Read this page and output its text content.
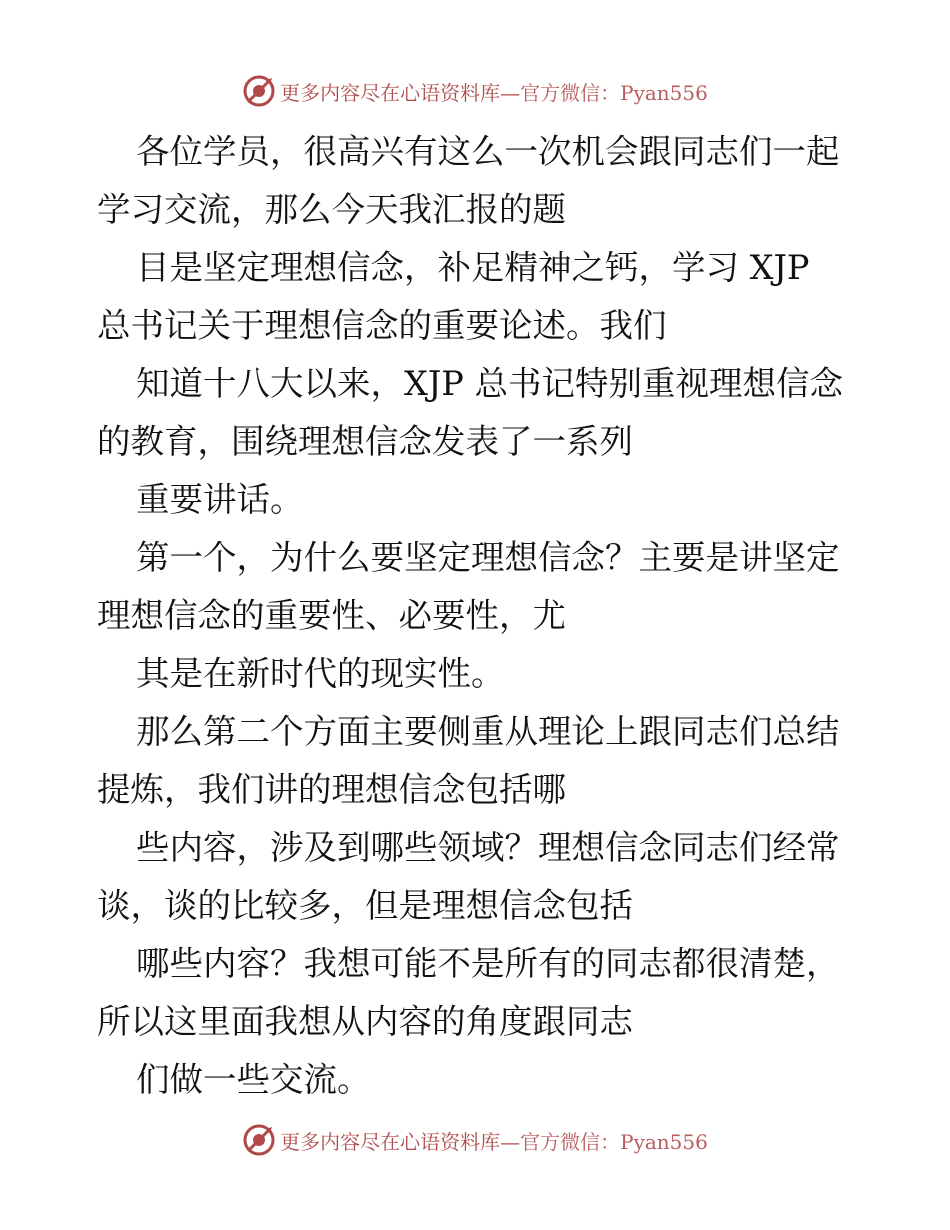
更多内容尽在心语资料库— 官方微信：Pyan556

各位学员，很高兴有这么一次机会跟同志们一起
学习交流，那么今天我汇报的题

目是坚定理想信念，补足精神之钙，学习 XJP
总书记关于理想信念的重要论述。我们

知道十八大以来，XJP 总书记特别重视理想信念
的教育，围绕理想信念发表了一系列

重要讲话。

第一个，为什么要坚定理想信念？主要是讲坚定
理想信念的重要性、必要性，尤

其是在新时代的现实性。

那么第二个方面主要侧重从理论上跟同志们总结
提炼，我们讲的理想信念包括哪

些内容，涉及到哪些领域？理想信念同志们经常
谈，谈的比较多，但是理想信念包括

哪些内容？我想可能不是所有的同志都很清楚，
所以这里面我想从内容的角度跟同志

们做一些交流。

更多内容尽在心语资料库— 官方微信：Pyan556
